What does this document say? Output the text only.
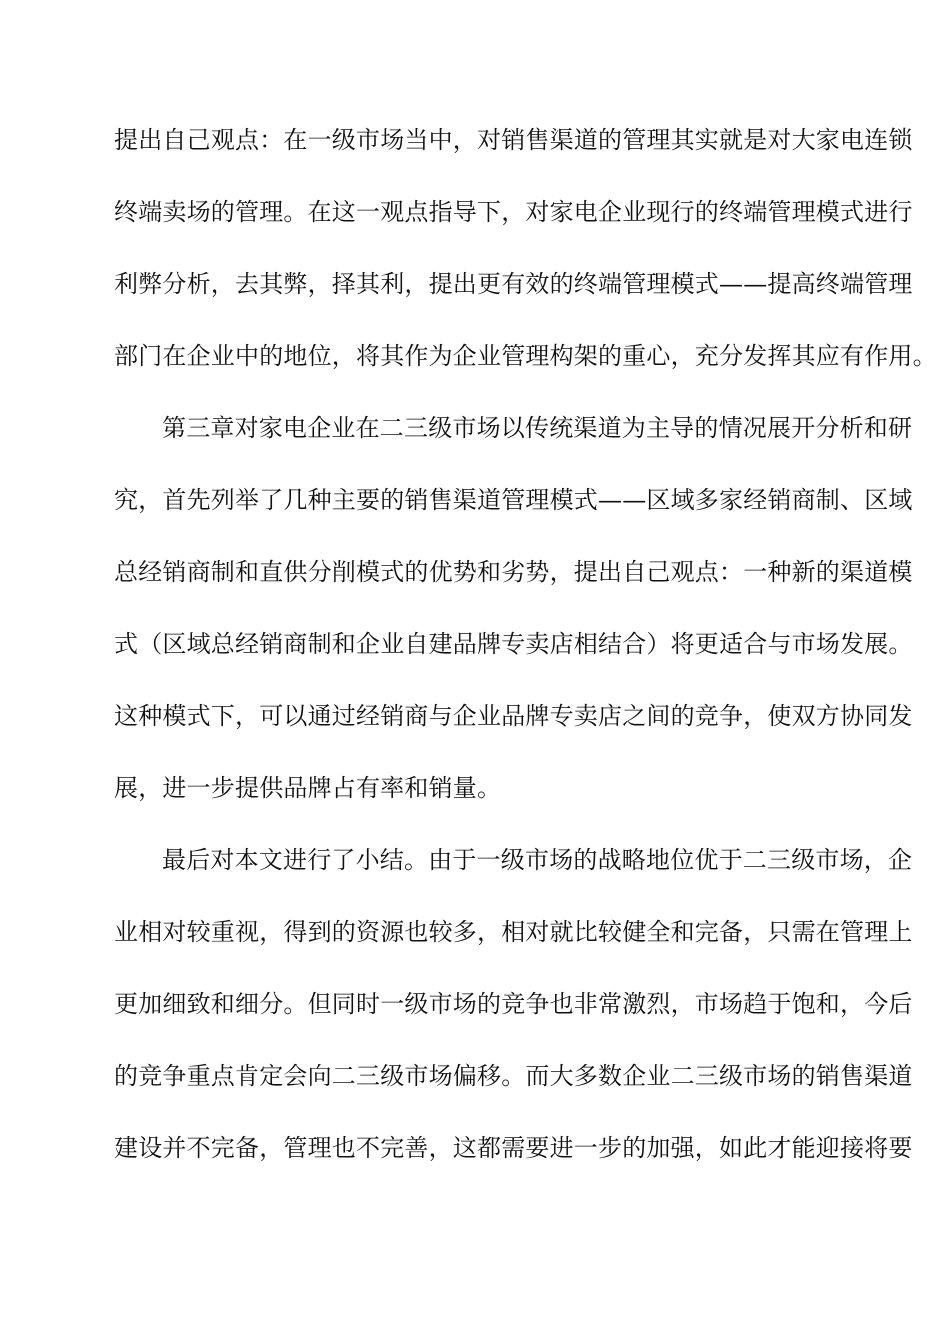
提出自己观点：在一级市场当中，对销售渠道的管理其实就是对大家电连锁
终端卖场的管理。在这一观点指导下，对家电企业现行的终端管理模式进行
利弊分析，去其弊，择其利，提出更有效的终端管理模式——提高终端管理
部门在企业中的地位，将其作为企业管理构架的重心，充分发挥其应有作用。
第三章对家电企业在二三级市场以传统渠道为主导的情况展开分析和研
究，首先列举了几种主要的销售渠道管理模式——区域多家经销商制、区域
总经销商制和直供分削模式的优势和劣势，提出自己观点：一种新的渠道模
式（区域总经销商制和企业自建品牌专卖店相结合）将更适合与市场发展。
这种模式下，可以通过经销商与企业品牌专卖店之间的竞争，使双方协同发
展，进一步提供品牌占有率和销量。
最后对本文进行了小结。由于一级市场的战略地位优于二三级市场，企
业相对较重视，得到的资源也较多，相对就比较健全和完备，只需在管理上
更加细致和细分。但同时一级市场的竞争也非常激烈，市场趋于饱和，今后
的竞争重点肯定会向二三级市场偏移。而大多数企业二三级市场的销售渠道
建设并不完备，管理也不完善，这都需要进一步的加强，如此才能迎接将要
